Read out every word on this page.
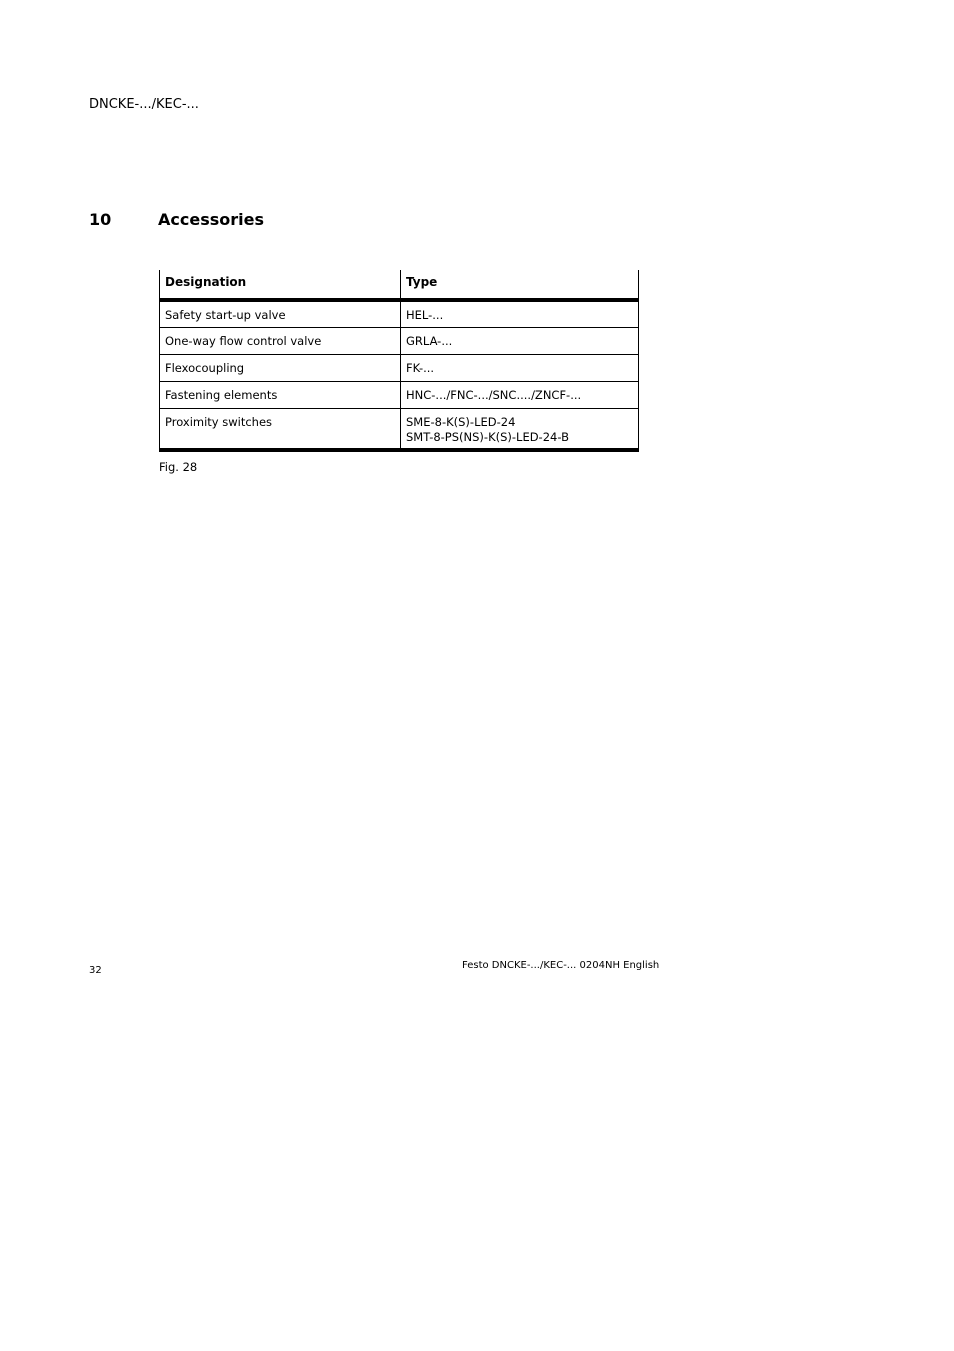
DNCKE-.../KEC-...
10	Accessories
Designation	Type
Safety start-up valve	HEL-...

One-way flow control valve	GRLA-...

Flexocoupling	FK-...

Fastening elements	HNC-.../FNC-.../SNC..../ZNCF-...

Proximity switches	SME-8-K(S)-LED-24
SMT-8-PS(NS)-K(S)-LED-24-B
Fig. 28
32	Festo DNCKE-.../KEC-... 0204NH English
